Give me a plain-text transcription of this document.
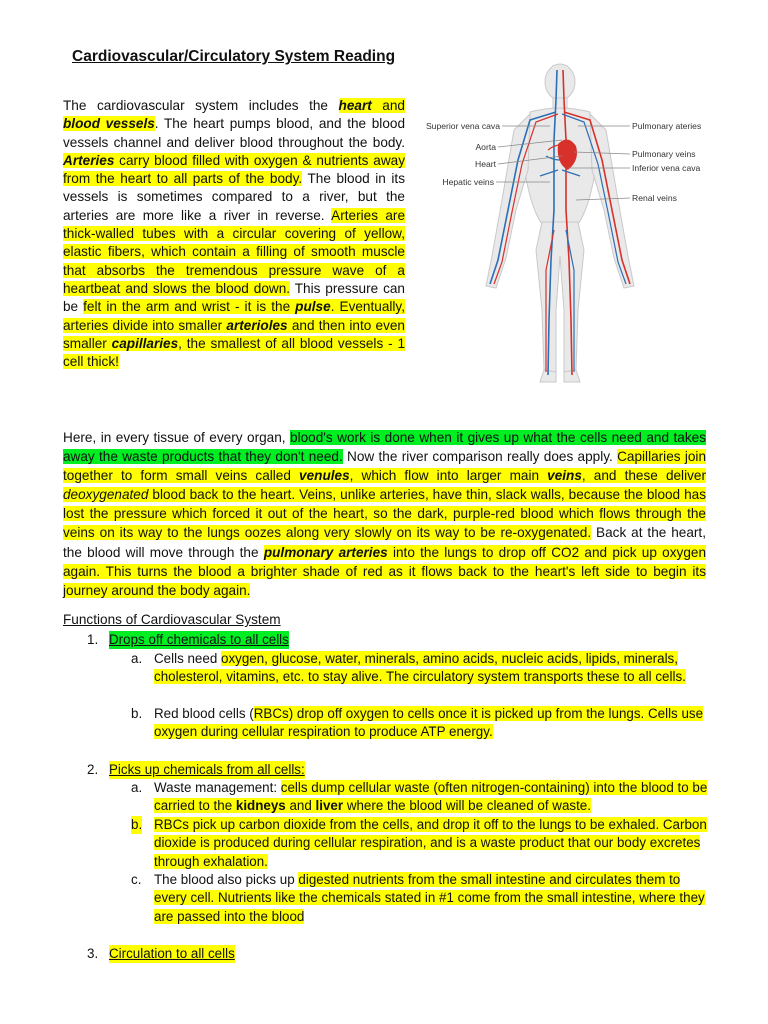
Cardiovascular/Circulatory System Reading
The cardiovascular system includes the heart and blood vessels. The heart pumps blood, and the blood vessels channel and deliver blood throughout the body. Arteries carry blood filled with oxygen & nutrients away from the heart to all parts of the body. The blood in its vessels is sometimes compared to a river, but the arteries are more like a river in reverse. Arteries are thick-walled tubes with a circular covering of yellow, elastic fibers, which contain a filling of smooth muscle that absorbs the tremendous pressure wave of a heartbeat and slows the blood down. This pressure can be felt in the arm and wrist - it is the pulse. Eventually, arteries divide into smaller arterioles and then into even smaller capillaries, the smallest of all blood vessels - 1 cell thick!
Superior vena cava
Aorta
Heart
Hepatic veins
Pulmonary ateries
Pulmonary veins
Inferior vena cava
Renal veins
Here, in every tissue of every organ, blood's work is done when it gives up what the cells need and takes away the waste products that they don't need. Now the river comparison really does apply. Capillaries join together to form small veins called venules, which flow into larger main veins, and these deliver deoxygenated blood back to the heart. Veins, unlike arteries, have thin, slack walls, because the blood has lost the pressure which forced it out of the heart, so the dark, purple-red blood which flows through the veins on its way to the lungs oozes along very slowly on its way to be re-oxygenated. Back at the heart, the blood will move through the pulmonary arteries into the lungs to drop off CO2 and pick up oxygen again. This turns the blood a brighter shade of red as it flows back to the heart's left side to begin its journey around the body again.
Functions of Cardiovascular System
1. Drops off chemicals to all cells
a. Cells need oxygen, glucose, water, minerals, amino acids, nucleic acids, lipids, minerals, cholesterol, vitamins, etc. to stay alive. The circulatory system transports these to all cells.
b. Red blood cells (RBCs) drop off oxygen to cells once it is picked up from the lungs. Cells use oxygen during cellular respiration to produce ATP energy.
2. Picks up chemicals from all cells:
a. Waste management: cells dump cellular waste (often nitrogen-containing) into the blood to be carried to the kidneys and liver where the blood will be cleaned of waste.
b. RBCs pick up carbon dioxide from the cells, and drop it off to the lungs to be exhaled. Carbon dioxide is produced during cellular respiration, and is a waste product that our body excretes through exhalation.
c. The blood also picks up digested nutrients from the small intestine and circulates them to every cell. Nutrients like the chemicals stated in #1 come from the small intestine, where they are passed into the blood
3. Circulation to all cells
